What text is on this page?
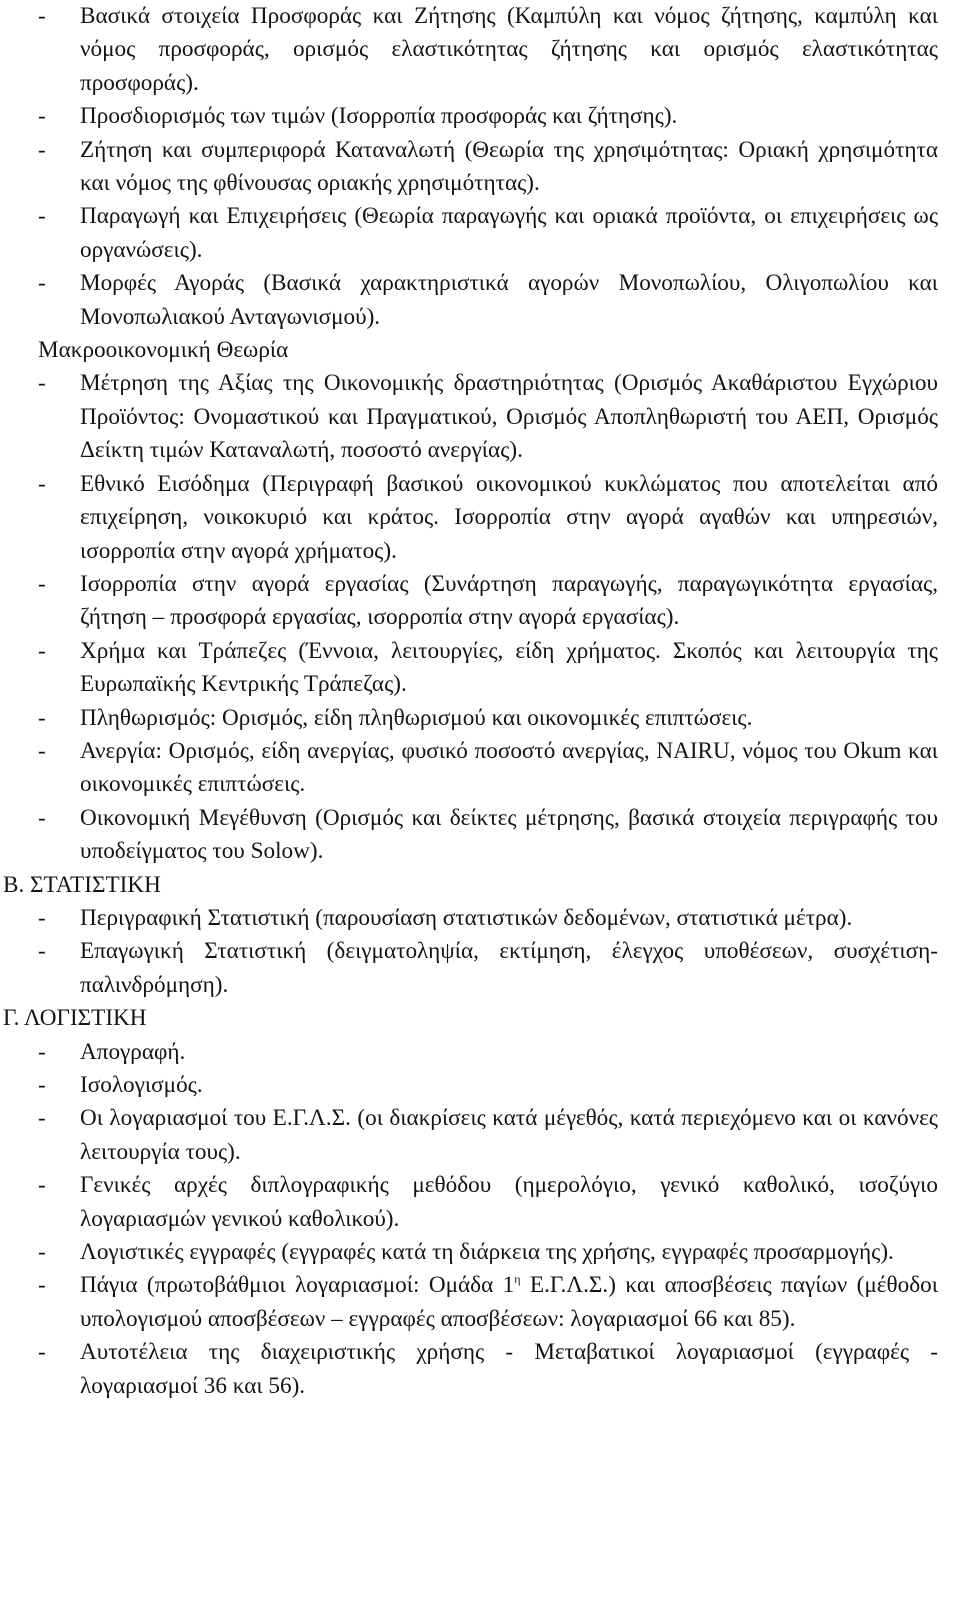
-	Βασικά στοιχεία Προσφοράς και Ζήτησης (Καμπύλη και νόμος ζήτησης, καμπύλη και νόμος προσφοράς, ορισμός ελαστικότητας ζήτησης και ορισμός ελαστικότητας προσφοράς).
-	Προσδιορισμός των τιμών (Ισορροπία προσφοράς και ζήτησης).
-	Ζήτηση και συμπεριφορά Καταναλωτή (Θεωρία της χρησιμότητας: Οριακή χρησιμότητα και νόμος της φθίνουσας οριακής χρησιμότητας).
-	Παραγωγή και Επιχειρήσεις (Θεωρία παραγωγής και οριακά προϊόντα, οι επιχειρήσεις ως οργανώσεις).
-	Μορφές Αγοράς (Βασικά χαρακτηριστικά αγορών Μονοπωλίου, Ολιγοπωλίου και Μονοπωλιακού Ανταγωνισμού).
Μακροοικονομική Θεωρία
-	Μέτρηση της Αξίας της Οικονομικής δραστηριότητας (Ορισμός Ακαθάριστου Εγχώριου Προϊόντος: Ονομαστικού και Πραγματικού, Ορισμός Αποπληθωριστή του ΑΕΠ, Ορισμός Δείκτη τιμών Καταναλωτή, ποσοστό ανεργίας).
-	Εθνικό Εισόδημα (Περιγραφή βασικού οικονομικού κυκλώματος που αποτελείται από επιχείρηση, νοικοκυριό και κράτος. Ισορροπία στην αγορά αγαθών και υπηρεσιών, ισορροπία στην αγορά χρήματος).
-	Ισορροπία στην αγορά εργασίας (Συνάρτηση παραγωγής, παραγωγικότητα εργασίας, ζήτηση – προσφορά εργασίας, ισορροπία στην αγορά εργασίας).
-	Χρήμα και Τράπεζες (Έννοια, λειτουργίες, είδη χρήματος. Σκοπός και λειτουργία της Ευρωπαϊκής Κεντρικής Τράπεζας).
-	Πληθωρισμός: Ορισμός, είδη πληθωρισμού και οικονομικές επιπτώσεις.
-	Ανεργία: Ορισμός, είδη ανεργίας, φυσικό ποσοστό ανεργίας, NAIRU, νόμος του Okum και οικονομικές επιπτώσεις.
-	Οικονομική Μεγέθυνση (Ορισμός και δείκτες μέτρησης, βασικά στοιχεία περιγραφής του υποδείγματος του Solow).
Β. ΣΤΑΤΙΣΤΙΚΗ
-	Περιγραφική Στατιστική (παρουσίαση στατιστικών δεδομένων, στατιστικά μέτρα).
-	Επαγωγική Στατιστική (δειγματοληψία, εκτίμηση, έλεγχος υποθέσεων, συσχέτιση-παλινδρόμηση).
Γ. ΛΟΓΙΣΤΙΚΗ
-	Απογραφή.
-	Ισολογισμός.
-	Οι λογαριασμοί του Ε.Γ.Λ.Σ. (οι διακρίσεις κατά μέγεθός, κατά περιεχόμενο και οι κανόνες λειτουργία τους).
-	Γενικές αρχές διπλογραφικής μεθόδου (ημερολόγιο, γενικό καθολικό, ισοζύγιο λογαριασμών γενικού καθολικού).
-	Λογιστικές εγγραφές (εγγραφές κατά τη διάρκεια της χρήσης, εγγραφές προσαρμογής).
-	Πάγια (πρωτοβάθμιοι λογαριασμοί: Ομάδα $1^\eta$ Ε.Γ.Λ.Σ.) και αποσβέσεις παγίων (μέθοδοι υπολογισμού αποσβέσεων – εγγραφές αποσβέσεων: λογαριασμοί 66 και 85).
-	Αυτοτέλεια της διαχειριστικής χρήσης - Μεταβατικοί λογαριασμοί (εγγραφές - λογαριασμοί 36 και 56).
